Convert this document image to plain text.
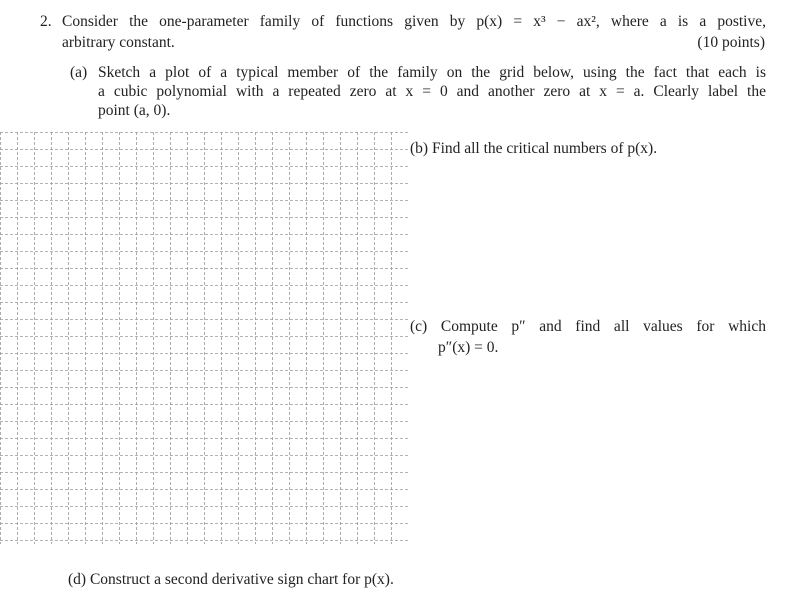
2. Consider the one-parameter family of functions given by p(x) = x³ − ax², where a is a postive,
arbitrary constant.	(10 points)
(a) Sketch a plot of a typical member of the family on the grid below, using the fact that each is
a cubic polynomial with a repeated zero at x = 0 and another zero at x = a. Clearly label the
point (a, 0).
(b) Find all the critical numbers of p(x).
(c) Compute p″ and find all values for which
p″(x) = 0.
(d) Construct a second derivative sign chart for p(x).
